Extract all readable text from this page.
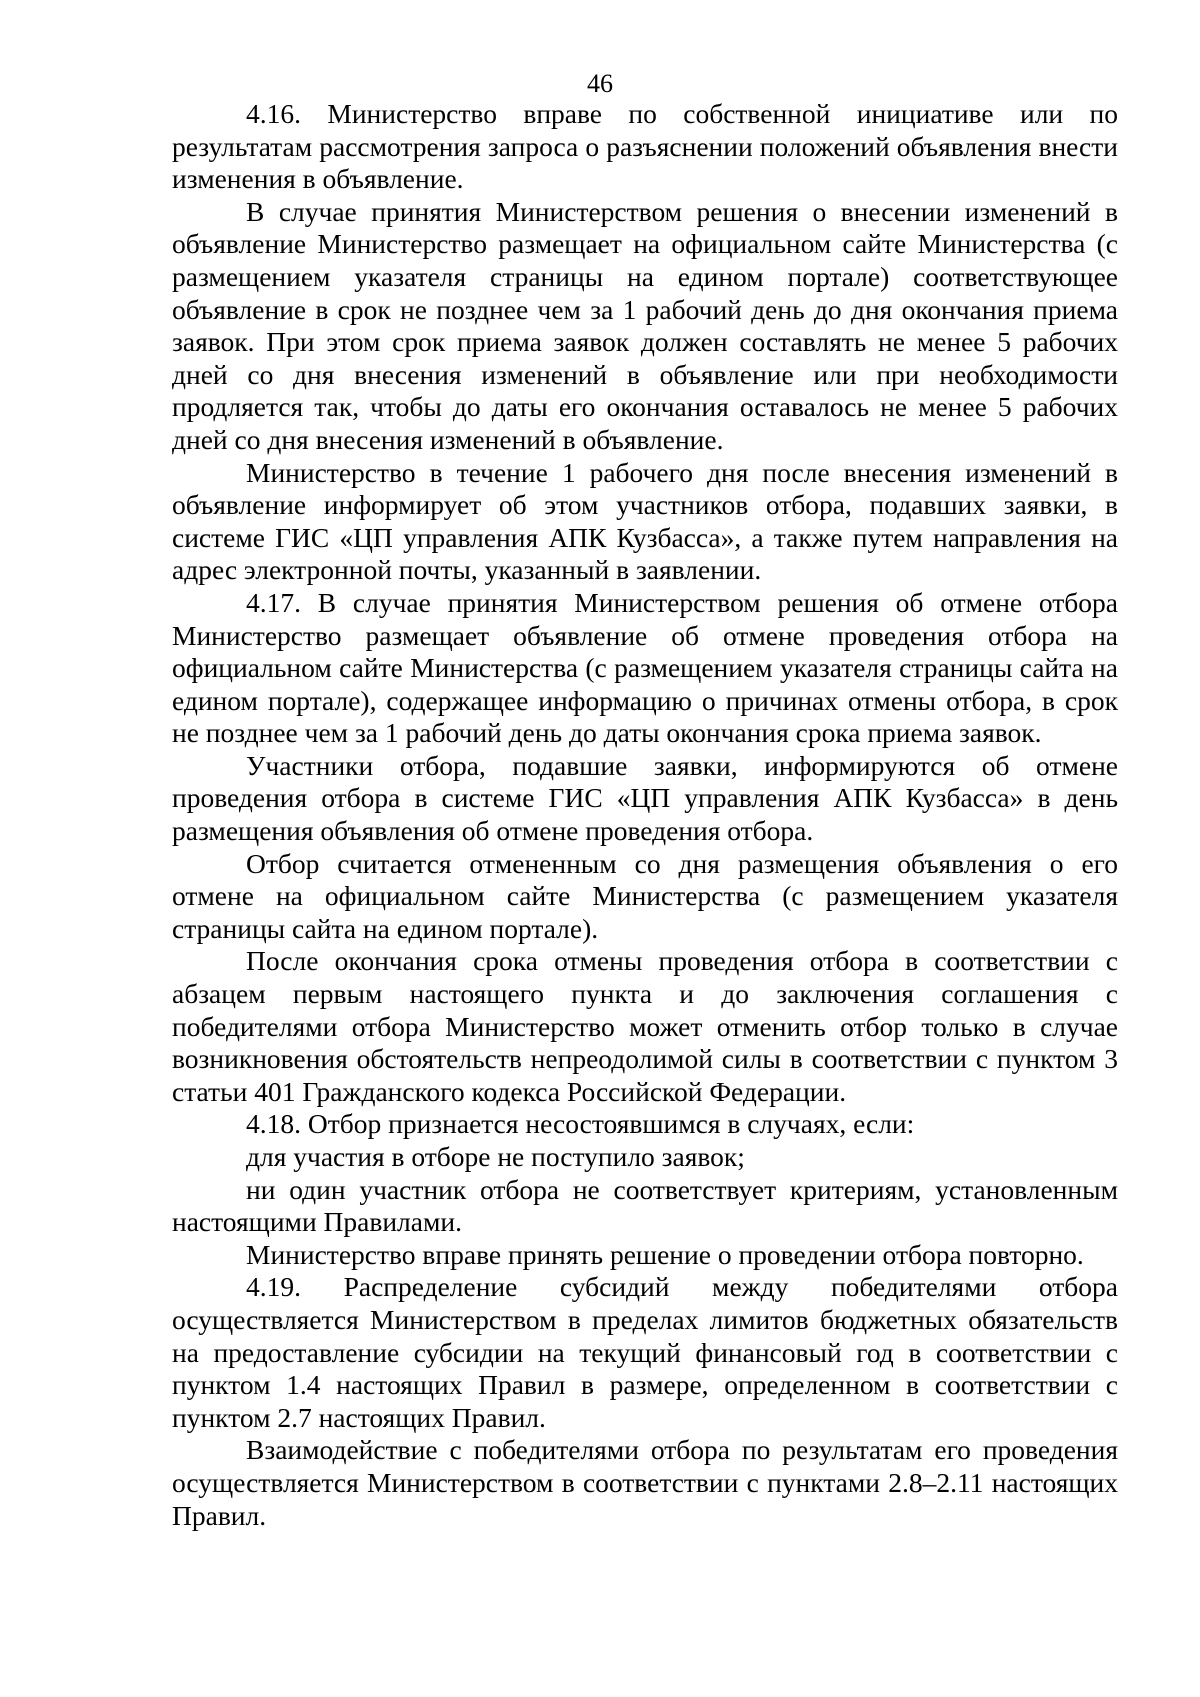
46

4.16. Министерство вправе по собственной инициативе или по результатам рассмотрения запроса о разъяснении положений объявления внести изменения в объявление.

В случае принятия Министерством решения о внесении изменений в объявление Министерство размещает на официальном сайте Министерства (с размещением указателя страницы на едином портале) соответствующее объявление в срок не позднее чем за 1 рабочий день до дня окончания приема заявок. При этом срок приема заявок должен составлять не менее 5 рабочих дней со дня внесения изменений в объявление или при необходимости продляется так, чтобы до даты его окончания оставалось не менее 5 рабочих дней со дня внесения изменений в объявление.

Министерство в течение 1 рабочего дня после внесения изменений в объявление информирует об этом участников отбора, подавших заявки, в системе ГИС «ЦП управления АПК Кузбасса», а также путем направления на адрес электронной почты, указанный в заявлении.

4.17. В случае принятия Министерством решения об отмене отбора Министерство размещает объявление об отмене проведения отбора на официальном сайте Министерства (с размещением указателя страницы сайта на едином портале), содержащее информацию о причинах отмены отбора, в срок не позднее чем за 1 рабочий день до даты окончания срока приема заявок.

Участники отбора, подавшие заявки, информируются об отмене проведения отбора в системе ГИС «ЦП управления АПК Кузбасса» в день размещения объявления об отмене проведения отбора.

Отбор считается отмененным со дня размещения объявления о его отмене на официальном сайте Министерства (с размещением указателя страницы сайта на едином портале).

После окончания срока отмены проведения отбора в соответствии с абзацем первым настоящего пункта и до заключения соглашения с победителями отбора Министерство может отменить отбор только в случае возникновения обстоятельств непреодолимой силы в соответствии с пунктом 3 статьи 401 Гражданского кодекса Российской Федерации.

4.18. Отбор признается несостоявшимся в случаях, если:

для участия в отборе не поступило заявок;

ни один участник отбора не соответствует критериям, установленным настоящими Правилами.

Министерство вправе принять решение о проведении отбора повторно.

4.19. Распределение субсидий между победителями отбора осуществляется Министерством в пределах лимитов бюджетных обязательств на предоставление субсидии на текущий финансовый год в соответствии с пунктом 1.4 настоящих Правил в размере, определенном в соответствии с пунктом 2.7 настоящих Правил.

Взаимодействие с победителями отбора по результатам его проведения осуществляется Министерством в соответствии с пунктами 2.8–2.11 настоящих Правил.
